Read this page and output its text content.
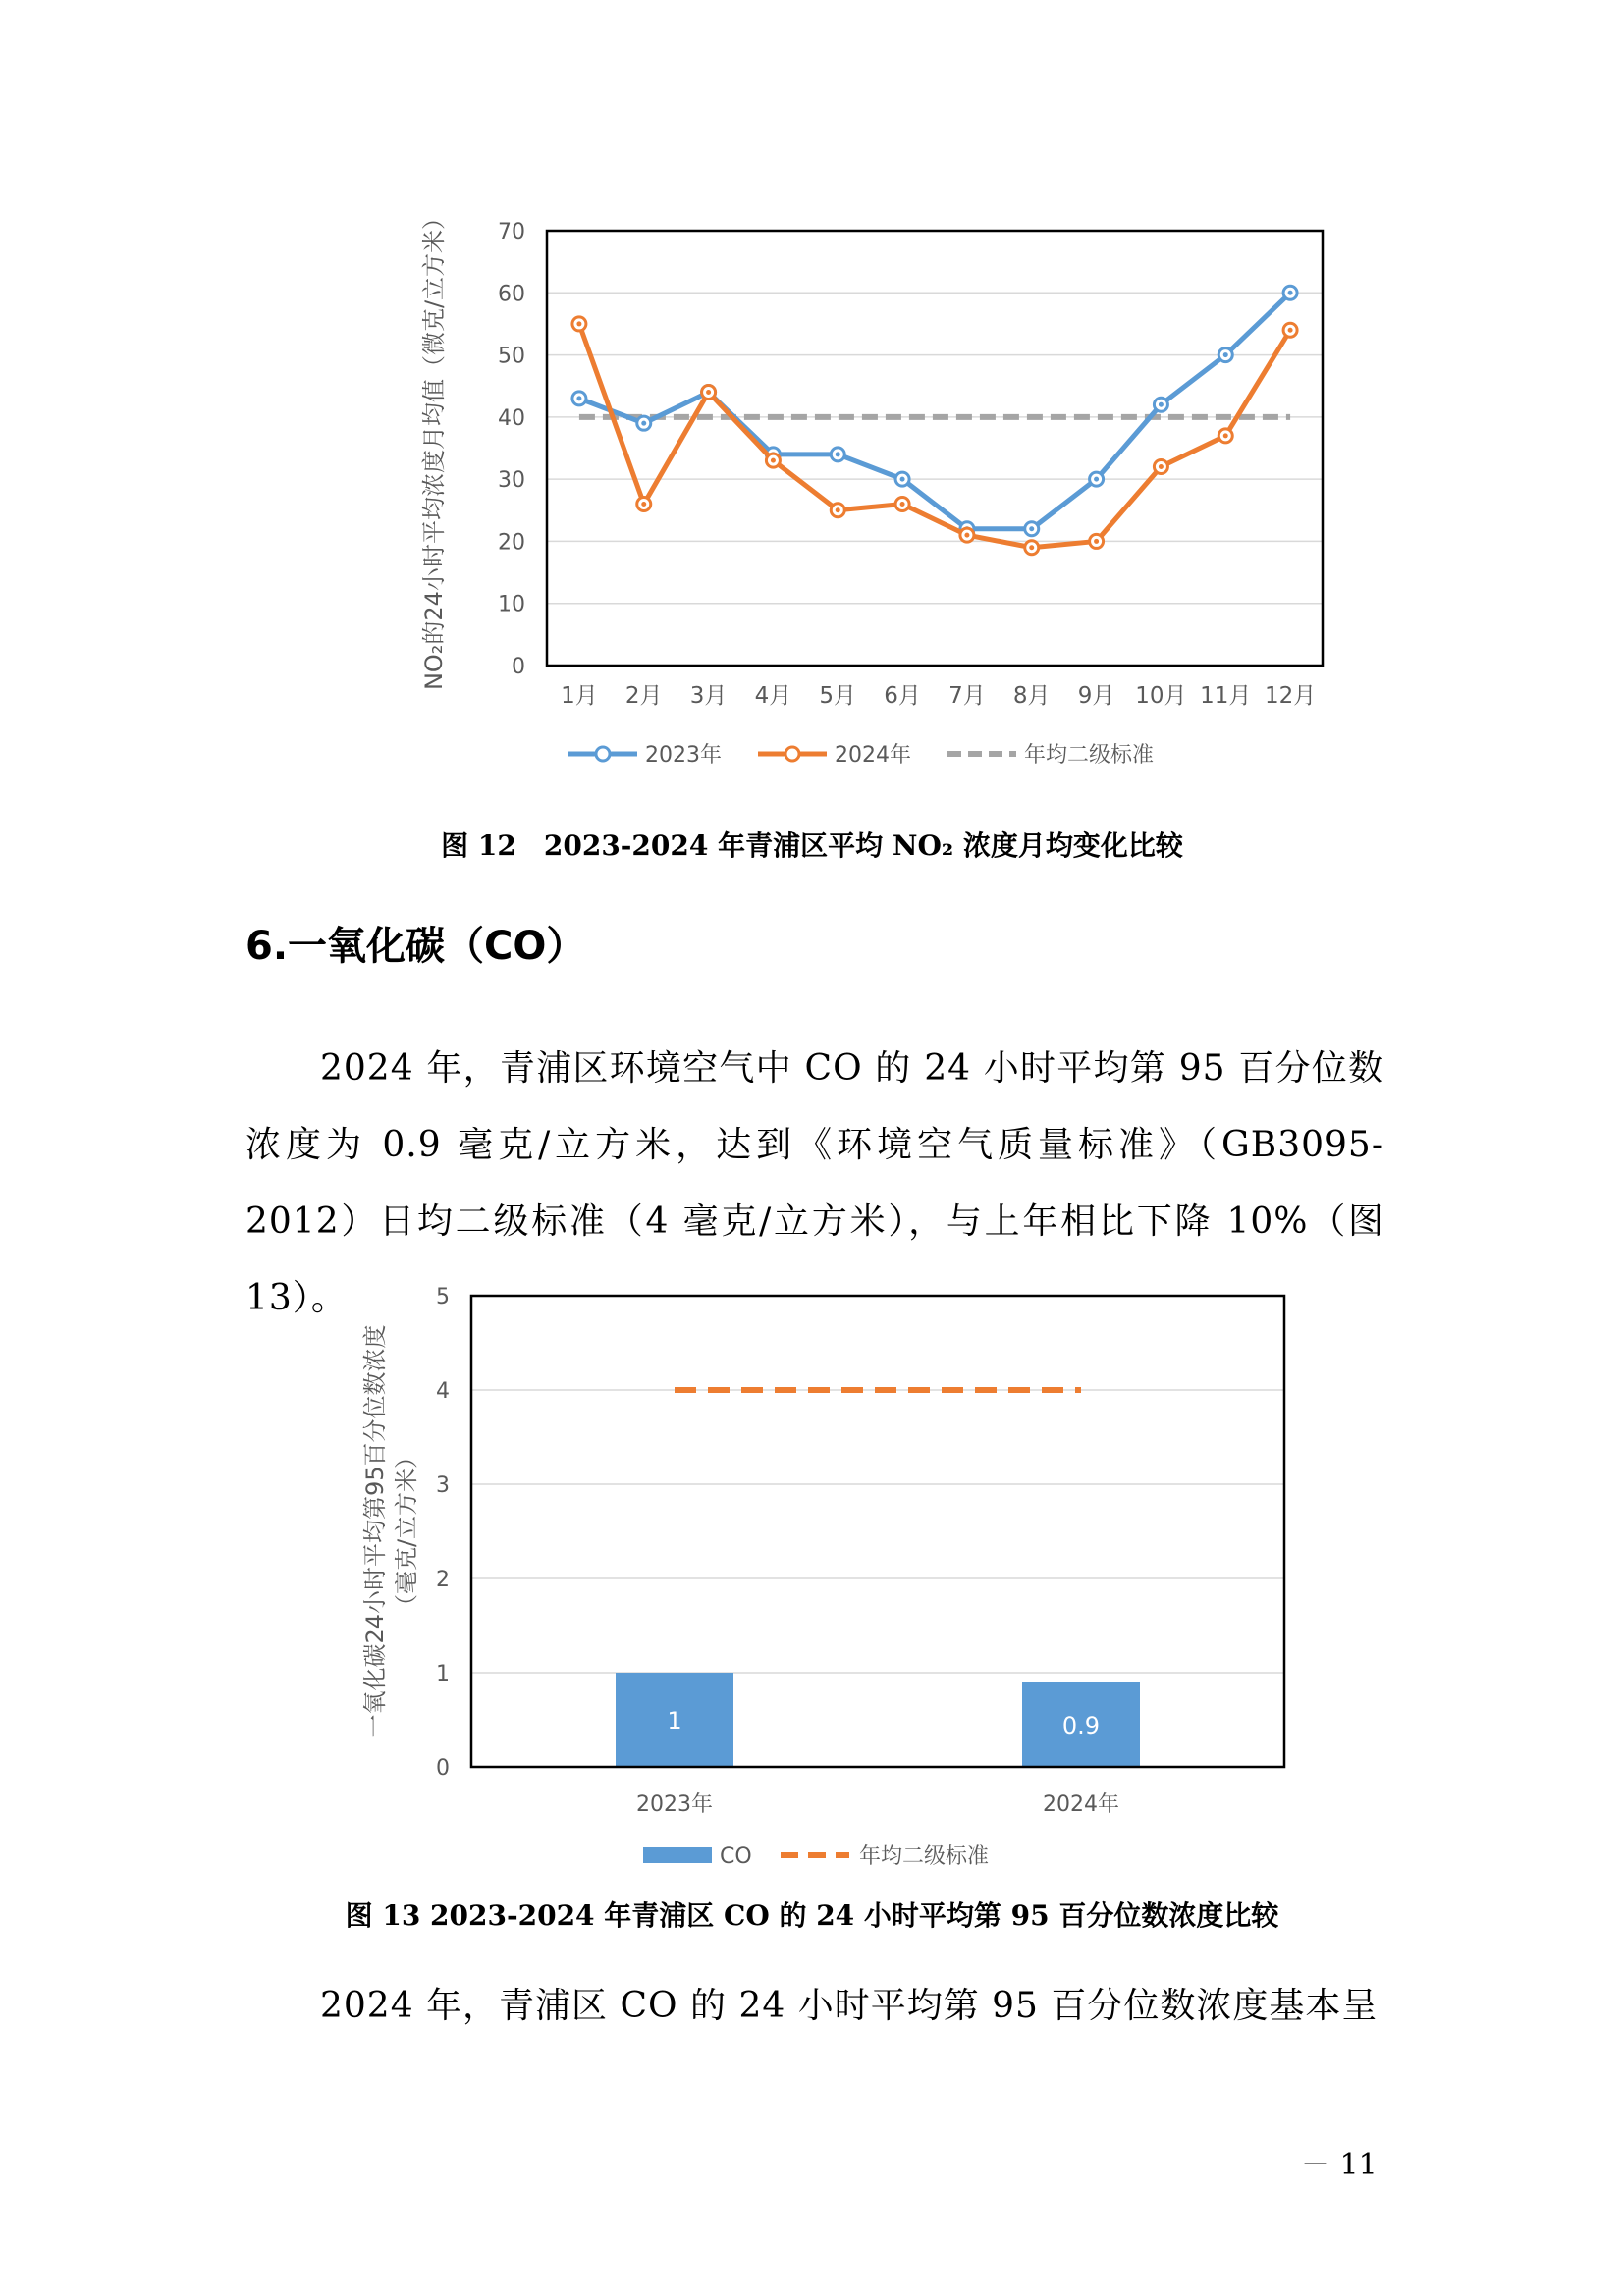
0
10
20
30
40
50
60
70
1月 2月 3月 4月 5月 6月 7月 8月 9月 10月 11月 12月
NO₂的24小时平均浓度月均值（微克/立方米）
2023年	2024年	年均二级标准
图 12　2023-2024 年青浦区平均 NO₂ 浓度月均变化比较
6.一氧化碳（CO）
2024 年，青浦区环境空气中 CO 的 24 小时平均第 95 百分位数浓度为 0.9 毫克/立方米，达到《环境空气质量标准》（GB3095-2012）日均二级标准（4 毫克/立方米），与上年相比下降 10%（图 13）。
0
1
2
3
4
5
1	0.9
2023年	2024年
一氧化碳24小时平均第95百分位数浓度 （毫克/立方米）
CO	年均二级标准
图 13 2023-2024 年青浦区 CO 的 24 小时平均第 95 百分位数浓度比较
2024 年，青浦区 CO 的 24 小时平均第 95 百分位数浓度基本呈
－ 11
